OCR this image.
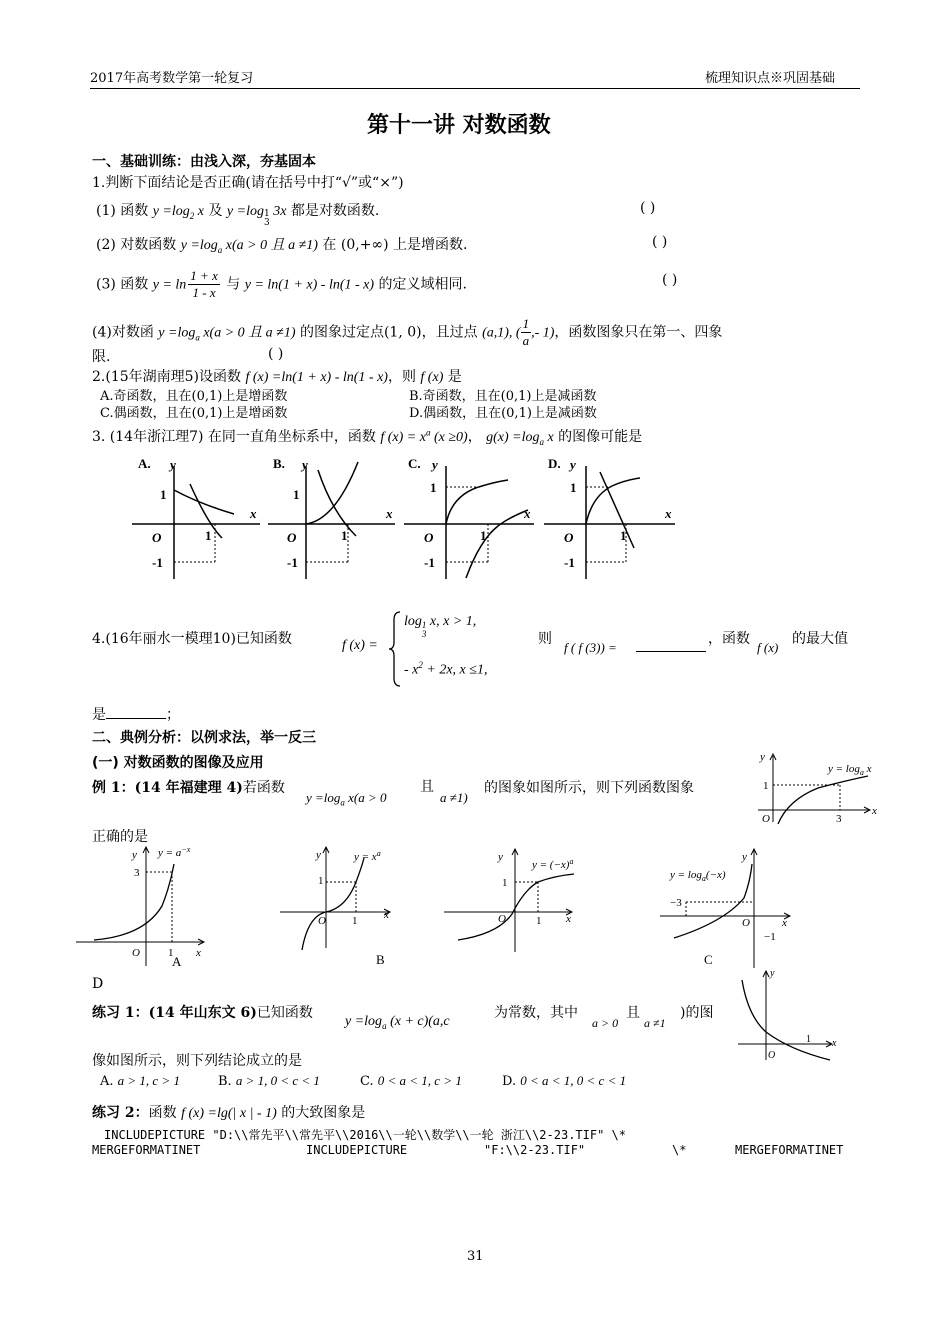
2017年高考数学第一轮复习	梳理知识点※巩固基础
第十一讲 对数函数
一、基础训练：由浅入深，夯基固本
1.判断下面结论是否正确(请在括号中打“√”或“×”)
(1) 函数 $y =\log_2$ x 及 y =log1
3 3x 都是对数函数.	( )
(2) 对数函数 $y =\log_a$ x(a > 0 且 a ≠1) 在 (0,+∞) 上是增函数.	( )
(3) 函数 $y = \ln \frac{1 + x}{1 - x}$ 与 y = ln(1 + x) - ln(1 - x) 的定义域相同.	( )
(4)对数函 $y =\log_a$ x(a > 0 且 a ≠1) 的图象过定点(1, 0)，且过点 (a,1), ( $\frac{1}{a}$ ,- 1)，函数图象只在第一、四象
限.	( )
2.(15年湖南理5)设函数 f (x) =ln(1 + x) - ln(1 - x)，则 f (x) 是
A.奇函数，且在(0,1)上是增函数	B.奇函数，且在(0,1)上是减函数
C.偶函数，且在(0,1)上是增函数	D.偶函数，且在(0,1)上是减函数
3. (14年浙江理7) 在同一直角坐标系中，函数 f $(x) = x^a$ (x ≥0)， $g(x) =\log_a$ x 的图像可能是
A. y
x
O
1
1
-1
B. y
x
O
1
1
-1
C. y
x
O
1
1
-1
D. y
x
O
1
1
-1
4.(16年丽水一模理10)已知函数	f (x) =
log1
3 x, x > 1,
- $x^2 + 2x$, x ≤1,
则
f ( f (3)) =
，函数
f (x)
的最大值
是	；
二、典例分析：以例求法，举一反三
(一) 对数函数的图像及应用
例 1：(14 年福建理 4)若函数
$y =\log_a$ x(a > 0
且
a ≠1)
的图象如图所示，则下列函数图象
正确的是
y
x
O
1
3
$y = \log_a x$
y
x
O
3
1
$y = a^{-x}$
A
y
x
O
1
1
$y = x^a$
B
y
x
O
1
1
$y = (-x)^a$
C
y
x
O
−3
−1
$y = \log_a(-x)$
D
练习 1：(14 年山东文 6)已知函数
$y =\log_a$ (x + c)(a,c
为常数，其中
a > 0
且
a ≠1
)的图
像如图所示，则下列结论成立的是
A. a > 1, c > 1	B. a > 1, 0 < c < 1	C. 0 < a < 1, c > 1	D. 0 < a < 1, 0 < c < 1
y
x
O
1
练习 2：函数 f (x) =lg(| x | - 1) 的大致图象是
INCLUDEPICTURE "D:\\常先平\\常先平\\2016\\一轮\\数学\\一轮 浙江\\2-23.TIF" \*
MERGEFORMATINET	INCLUDEPICTURE	"F:\\2-23.TIF"	\*	MERGEFORMATINET
31
